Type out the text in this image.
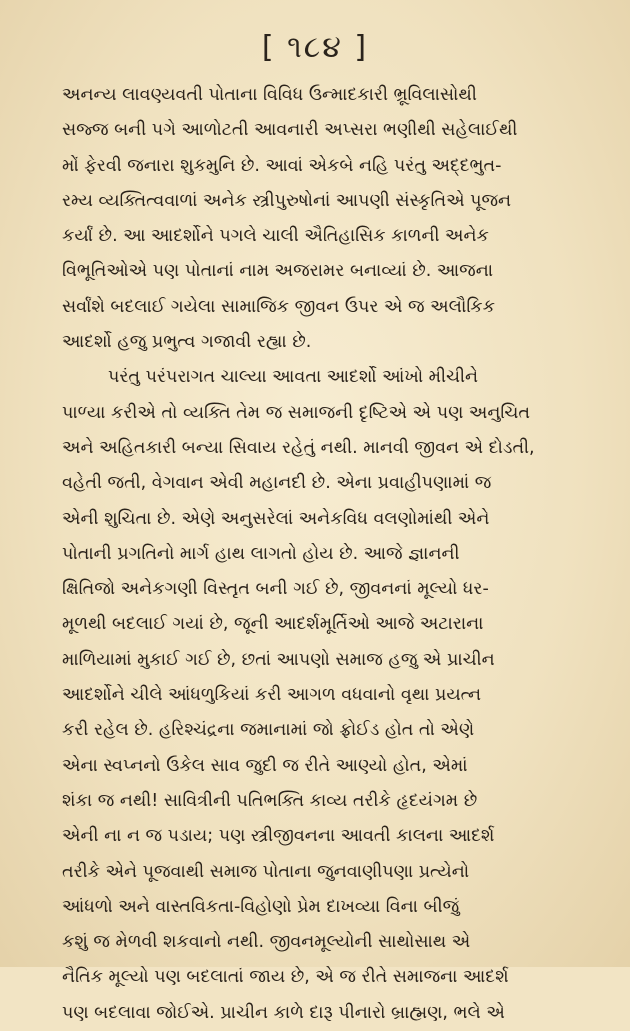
[ ૧૮૪ ]
અનન્ય લાવણ્યવતી પોતાના વિવિધ ઉન્માદકારી ભ્રૂવિલાસોથી
સજ્જ બની પગે આળોટતી આવનારી અપ્સરા ભણીથી સહેલાઈથી
મોં ફેરવી જનારા શુકમુનિ છે. આવાં એકબે નહિ પરંતુ અદ્દભુત-
રમ્ય વ્યક્તિત્વવાળાં અનેક સ્ત્રીપુરુષોનાં આપણી સંસ્કૃતિએ પૂજન
કર્યાં છે. આ આદર્શોને પગલે ચાલી ઐતિહાસિક કાળની અનેક
વિભૂતિઓએ પણ પોતાનાં નામ અજરામર બનાવ્યાં છે. આજના
સર્વાંશે બદલાઈ ગયેલા સામાજિક જીવન ઉપર એ જ અલૌકિક
આદર્શો હજુ પ્રભુત્વ ગજાવી રહ્યા છે.
પરંતુ પરંપરાગત ચાલ્યા આવતા આદર્શો આંખો મીચીને
પાળ્યા કરીએ તો વ્યક્તિ તેમ જ સમાજની દૃષ્ટિએ એ પણ અનુચિત
અને અહિતકારી બન્યા સિવાય રહેતું નથી. માનવી જીવન એ દોડતી,
વહેતી જતી, વેગવાન એવી મહાનદી છે. એના પ્રવાહીપણામાં જ
એની શુચિતા છે. એણે અનુસરેલાં અનેકવિધ વલણોમાંથી એને
પોતાની પ્રગતિનો માર્ગ હાથ લાગતો હોય છે. આજે જ્ઞાનની
ક્ષિતિજો અનેકગણી વિસ્તૃત બની ગઈ છે, જીવનનાં મૂલ્યો ધર-
મૂળથી બદલાઈ ગયાં છે, જૂની આદર્શમૂર્તિઓ આજે અટારાના
માળિયામાં મુકાઈ ગઈ છે, છતાં આપણો સમાજ હજુ એ પ્રાચીન
આદર્શોને ચીલે આંધળુકિયાં કરી આગળ વધવાનો વૃથા પ્રયત્ન
કરી રહેલ છે. હરિશ્ચંદ્રના જમાનામાં જો ફ્રોઈડ હોત તો એણે
એના સ્વપ્નનો ઉકેલ સાવ જુદી જ રીતે આણ્યો હોત, એમાં
શંકા જ નથી! સાવિત્રીની પતિભક્તિ કાવ્ય તરીકે હૃદયંગમ છે
એની ના ન જ પડાય; પણ સ્ત્રીજીવનના આવતી કાલના આદર્શ
તરીકે એને પૂજવાથી સમાજ પોતાના જુનવાણીપણા પ્રત્યેનો
આંધળો અને વાસ્તવિકતા-વિહોણો પ્રેમ દાખવ્યા વિના બીજું
કશું જ મેળવી શકવાનો નથી. જીવનમૂલ્યોની સાથોસાથ એ
નૈતિક મૂલ્યો પણ બદલાતાં જાય છે, એ જ રીતે સમાજના આદર્શ
પણ બદલાવા જોઈએ. પ્રાચીન કાળે દારૂ પીનારો બ્રાહ્મણ, ભલે એ
